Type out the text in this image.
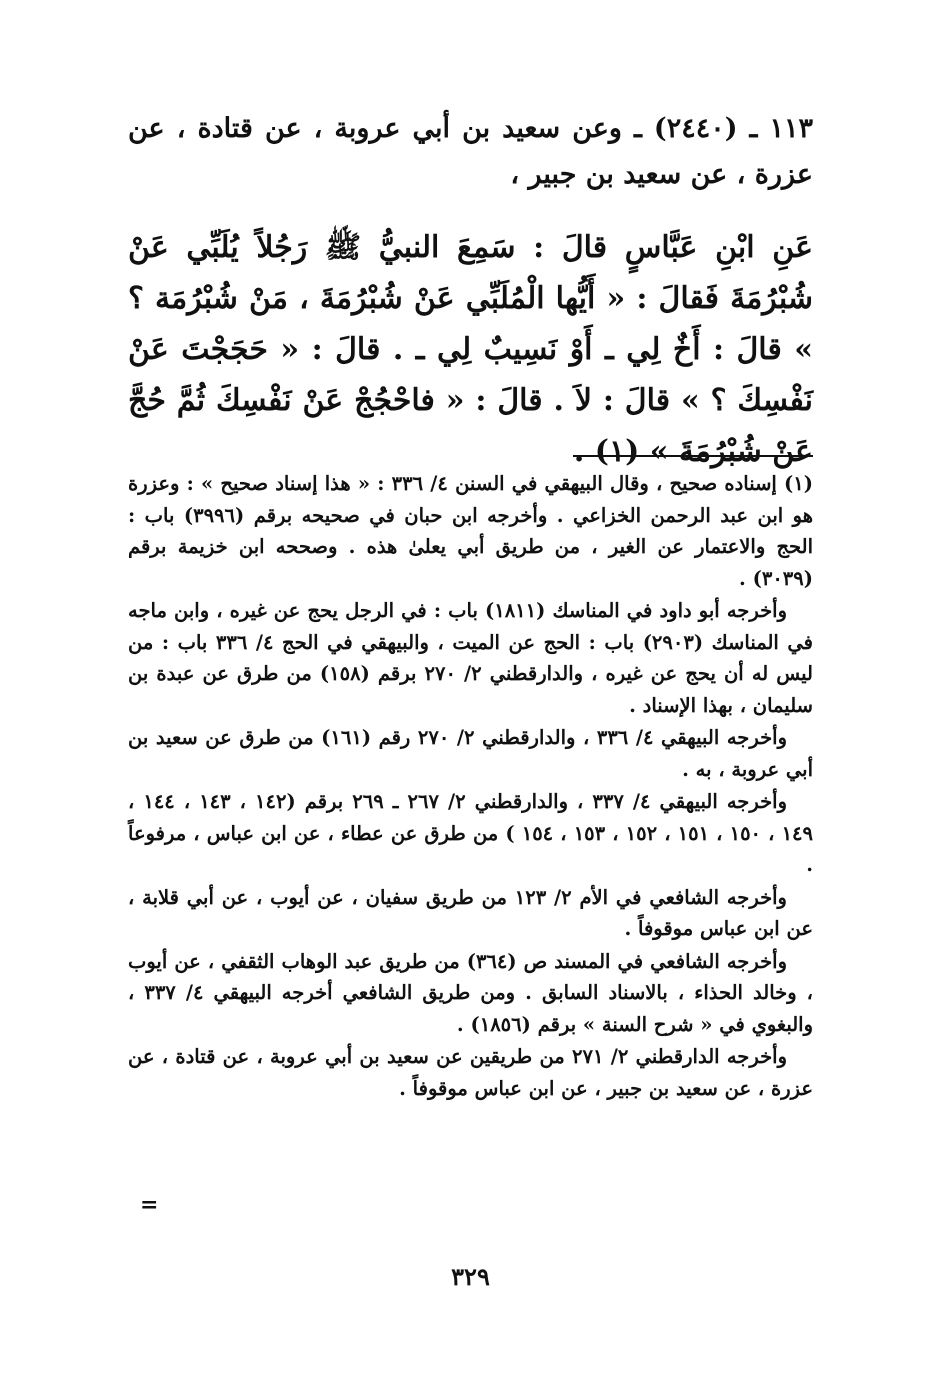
١١٣ ـ (٢٤٤٠) ـ وعن سعيد بن أبي عروبة ، عن قتادة ، عن عزرة ، عن سعيد بن جبير ،
عَنِ ابْنِ عَبَّاسٍ قالَ : سَمِعَ النبيُّ ﷺ رَجُلاً يُلَبِّي عَنْ شُبْرُمَةَ فَقالَ : « أَيُّها الْمُلَبِّي عَنْ شُبْرُمَةَ ، مَنْ شُبْرُمَة ؟ » قالَ : أَخٌ لِي ـ أَوْ نَسِيبٌ لِي ـ . قالَ : « حَجَجْتَ عَنْ نَفْسِكَ ؟ » قالَ : لاَ . قالَ : « فاحْجُجْ عَنْ نَفْسِكَ ثُمَّ حُجَّ عَنْ شُبْرُمَةَ » (١) .

(١) إسناده صحيح ، وقال البيهقي في السنن ٤/ ٣٣٦ : « هذا إسناد صحيح » : وعزرة هو ابن عبد الرحمن الخزاعي . وأخرجه ابن حبان في صحيحه برقم (٣٩٩٦) باب : الحج والاعتمار عن الغير ، من طريق أبي يعلىٰ هذه . وصححه ابن خزيمة برقم (٣٠٣٩) .

وأخرجه أبو داود في المناسك (١٨١١) باب : في الرجل يحج عن غيره ، وابن ماجه في المناسك (٢٩٠٣) باب : الحج عن الميت ، والبيهقي في الحج ٤/ ٣٣٦ باب : من ليس له أن يحج عن غيره ، والدارقطني ٢/ ٢٧٠ برقم (١٥٨) من طرق عن عبدة بن سليمان ، بهذا الإسناد .

وأخرجه البيهقي ٤/ ٣٣٦ ، والدارقطني ٢/ ٢٧٠ رقم (١٦١) من طرق عن سعيد بن أبي عروبة ، به .

وأخرجه البيهقي ٤/ ٣٣٧ ، والدارقطني ٢/ ٢٦٧ ـ ٢٦٩ برقم (١٤٢ ، ١٤٣ ، ١٤٤ ، ١٤٩ ، ١٥٠ ، ١٥١ ، ١٥٢ ، ١٥٣ ، ١٥٤ ) من طرق عن عطاء ، عن ابن عباس ، مرفوعاً .

وأخرجه الشافعي في الأم ٢/ ١٢٣ من طريق سفيان ، عن أيوب ، عن أبي قلابة ، عن ابن عباس موقوفاً .

وأخرجه الشافعي في المسند ص (٣٦٤) من طريق عبد الوهاب الثقفي ، عن أيوب ، وخالد الحذاء ، بالاسناد السابق . ومن طريق الشافعي أخرجه البيهقي ٤/ ٣٣٧ ، والبغوي في « شرح السنة » برقم (١٨٥٦) .

وأخرجه الدارقطني ٢/ ٢٧١ من طريقين عن سعيد بن أبي عروبة ، عن قتادة ، عن عزرة ، عن سعيد بن جبير ، عن ابن عباس موقوفاً .

=
٣٢٩
